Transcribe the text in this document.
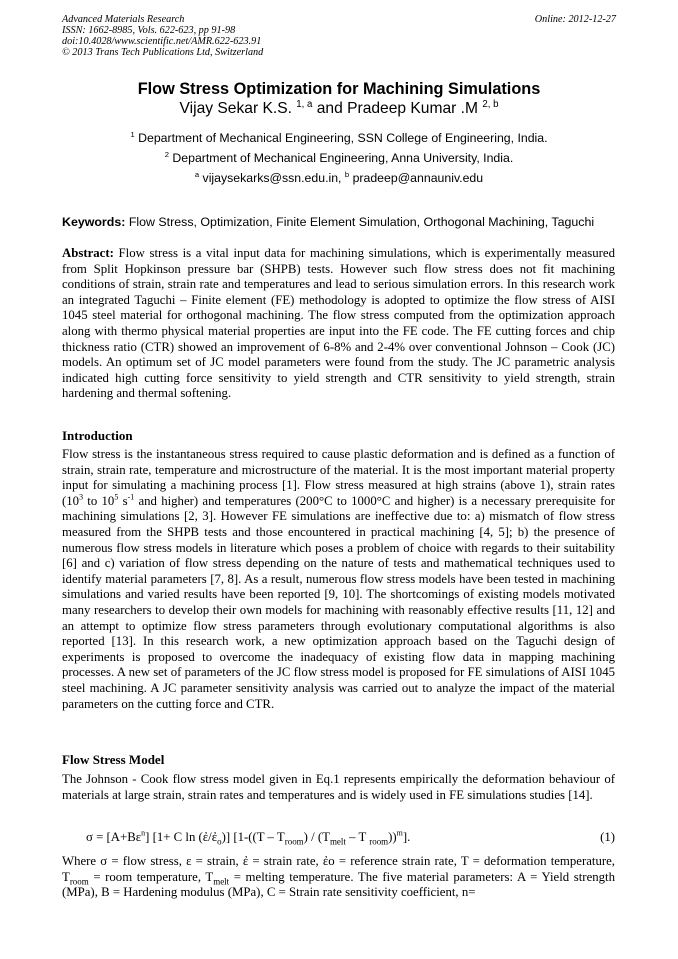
Advanced Materials Research
ISSN: 1662-8985, Vols. 622-623, pp 91-98
doi:10.4028/www.scientific.net/AMR.622-623.91
© 2013 Trans Tech Publications Ltd, Switzerland
Online: 2012-12-27
Flow Stress Optimization for Machining Simulations
Vijay Sekar K.S. $^{1, a}$ and Pradeep Kumar .M $^{2, b}$
$^1$ Department of Mechanical Engineering, SSN College of Engineering, India.
$^2$ Department of Mechanical Engineering, Anna University, India.
$^a$ vijaysekarks@ssn.edu.in, $^b$ pradeep@annauniv.edu
Keywords: Flow Stress, Optimization, Finite Element Simulation, Orthogonal Machining, Taguchi
Abstract: Flow stress is a vital input data for machining simulations, which is experimentally measured from Split Hopkinson pressure bar (SHPB) tests. However such flow stress does not fit machining conditions of strain, strain rate and temperatures and lead to serious simulation errors. In this research work an integrated Taguchi – Finite element (FE) methodology is adopted to optimize the flow stress of AISI 1045 steel material for orthogonal machining. The flow stress computed from the optimization approach along with thermo physical material properties are input into the FE code. The FE cutting forces and chip thickness ratio (CTR) showed an improvement of 6-8% and 2-4% over conventional Johnson – Cook (JC) models. An optimum set of JC model parameters were found from the study. The JC parametric analysis indicated high cutting force sensitivity to yield strength and CTR sensitivity to yield strength, strain hardening and thermal softening.
Introduction
Flow stress is the instantaneous stress required to cause plastic deformation and is defined as a function of strain, strain rate, temperature and microstructure of the material. It is the most important material property input for simulating a machining process [1]. Flow stress measured at high strains (above 1), strain rates ($10^3$ to $10^5$ $s^{-1}$ and higher) and temperatures (200°C to 1000°C and higher) is a necessary prerequisite for machining simulations [2, 3]. However FE simulations are ineffective due to: a) mismatch of flow stress measured from the SHPB tests and those encountered in practical machining [4, 5]; b) the presence of numerous flow stress models in literature which poses a problem of choice with regards to their suitability [6] and c) variation of flow stress depending on the nature of tests and mathematical techniques used to identify material parameters [7, 8]. As a result, numerous flow stress models have been tested in machining simulations and varied results have been reported [9, 10]. The shortcomings of existing models motivated many researchers to develop their own models for machining with reasonably effective results [11, 12] and an attempt to optimize flow stress parameters through evolutionary computational algorithms is also reported [13]. In this research work, a new optimization approach based on the Taguchi design of experiments is proposed to overcome the inadequacy of existing flow data in mapping machining processes. A new set of parameters of the JC flow stress model is proposed for FE simulations of AISI 1045 steel machining. A JC parameter sensitivity analysis was carried out to analyze the impact of the material parameters on the cutting force and CTR.
Flow Stress Model
The Johnson - Cook flow stress model given in Eq.1 represents empirically the deformation behaviour of materials at large strain, strain rates and temperatures and is widely used in FE simulations studies [14].
$\sigma = [A+B\varepsilon^n]$ [1+ C ln (ἐ/ἐ$_o$)] [$1-((T - T_{room}) / (T_{melt}$ – T $_{room}$))$^m$].	(1)
Where σ = flow stress, ε = strain, ἐ = strain rate, ἐo = reference strain rate, T = deformation temperature, $T_{room}$ = room temperature, $T_{melt}$ = melting temperature. The five material parameters: A = Yield strength (MPa), B = Hardening modulus (MPa), C = Strain rate sensitivity coefficient, n=
